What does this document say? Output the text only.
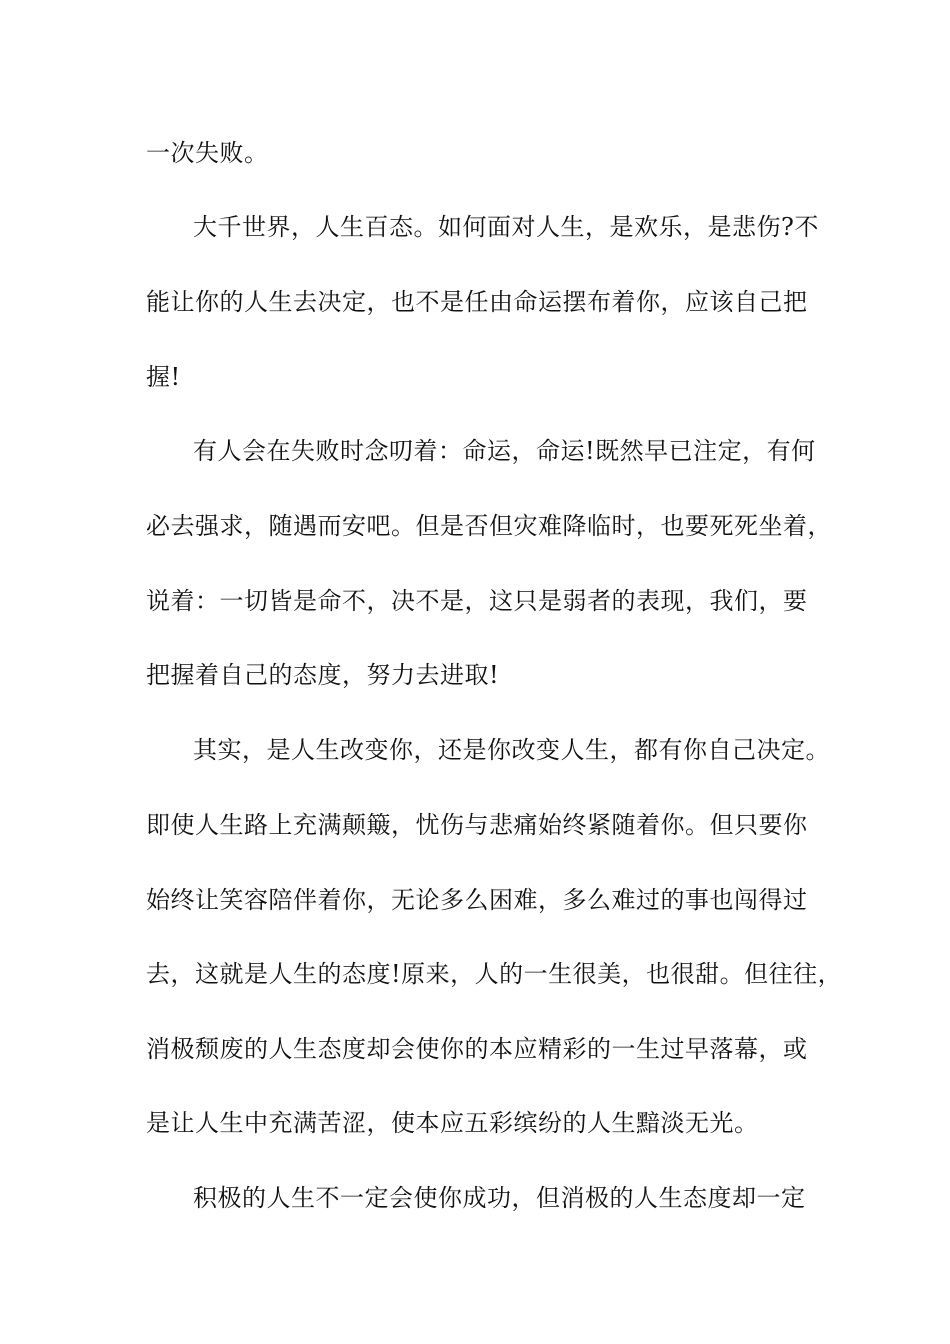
一次失败。
大千世界，人生百态。如何面对人生，是欢乐，是悲伤?不
能让你的人生去决定，也不是任由命运摆布着你，应该自己把
握!
有人会在失败时念叨着：命运，命运!既然早已注定，有何
必去强求，随遇而安吧。但是否但灾难降临时，也要死死坐着，
说着：一切皆是命不，决不是，这只是弱者的表现，我们，要
把握着自己的态度，努力去进取!
其实，是人生改变你，还是你改变人生，都有你自己决定。
即使人生路上充满颠簸，忧伤与悲痛始终紧随着你。但只要你
始终让笑容陪伴着你，无论多么困难，多么难过的事也闯得过
去，这就是人生的态度!原来，人的一生很美，也很甜。但往往，
消极颓废的人生态度却会使你的本应精彩的一生过早落幕，或
是让人生中充满苦涩，使本应五彩缤纷的人生黯淡无光。
积极的人生不一定会使你成功，但消极的人生态度却一定
